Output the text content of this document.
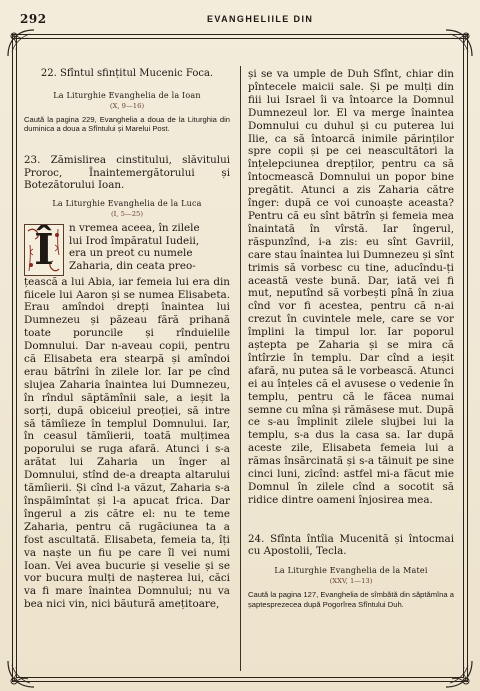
292	EVANGHELIILE DIN
22. Sfîntul sfințitul Mucenic Foca.
La Liturghie Evanghelia de la Ioan
(X, 9—16)
Caută la pagina 229, Evanghelia a doua de la Liturghia din duminica a doua a Sfîntului și Marelui Post.
23. Zămislirea cinstitului, slăvitului Proroc, Înaintemergătorului și Botezătorului Ioan.
La Liturghie Evanghelia de la Luca
(I, 5—25)
Î	n vremea aceea, în zilele
lui Irod împăratul Iudeii,
era un preot cu numele
Zaharia, din ceata preo-
țească a lui Abia, iar femeia lui era din fiicele lui Aaron și se numea Elisabeta. Erau amîndoi drepți înaintea lui Dumnezeu și păzeau fără prihană toate poruncile și rînduielile Domnului. Dar n-aveau copii, pentru că Elisabeta era stearpă și amîndoi erau bătrîni în zilele lor. Iar pe cînd slujea Zaharia înaintea lui Dumnezeu, în rîndul săptămînii sale, a ieșit la sorți, după obiceiul preoției, să intre să tămîieze în templul Domnului. Iar, în ceasul tămîierii, toată mulțimea poporului se ruga afară. Atunci i s-a arătat lui Zaharia un înger al Domnului, stînd de-a dreapta altarului tămîierii. Și cînd l-a văzut, Zaharia s-a înspăimîntat și l-a apucat frica. Dar îngerul a zis către el: nu te teme Zaharia, pentru că rugăciunea ta a fost ascultată. Elisabeta, femeia ta, îți va naște un fiu pe care îl vei numi Ioan. Vei avea bucurie și veselie și se vor bucura mulți de nașterea lui, căci va fi mare înaintea Domnului; nu va bea nici vin, nici băutură amețitoare,
și se va umple de Duh Sfînt, chiar din pîntecele maicii sale. Și pe mulți din fiii lui Israel îi va întoarce la Domnul Dumnezeul lor. El va merge înaintea Domnului cu duhul și cu puterea lui Ilie, ca să întoarcă inimile părinților spre copii și pe cei neascultători la înțelepciunea drepților, pentru ca să întocmească Domnului un popor bine pregătit. Atunci a zis Zaharia către înger: după ce voi cunoaște aceasta? Pentru că eu sînt bătrîn și femeia mea înaintată în vîrstă. Iar îngerul, răspunzînd, i-a zis: eu sînt Gavriil, care stau înaintea lui Dumnezeu și sînt trimis să vorbesc cu tine, aducîndu-ți această veste bună. Dar, iată vei fi mut, neputînd să vorbești pînă în ziua cînd vor fi acestea, pentru că n-ai crezut în cuvintele mele, care se vor împlini la timpul lor. Iar poporul aștepta pe Zaharia și se mira că întîrzie în templu. Dar cînd a ieșit afară, nu putea să le vorbească. Atunci ei au înțeles că el avusese o vedenie în templu, pentru că le făcea numai semne cu mîna și rămăsese mut. După ce s-au împlinit zilele slujbei lui la templu, s-a dus la casa sa. Iar după aceste zile, Elisabeta femeia lui a rămas însărcinată și s-a tăinuit pe sine cinci luni, zicînd: astfel mi-a făcut mie Domnul în zilele cînd a socotit să ridice dintre oameni înjosirea mea.
24. Sfînta întîia Mucenită și întocmai cu Apostolii, Tecla.
La Liturghie Evanghelia de la Matei
(XXV, 1—13)
Caută la pagina 127, Evanghelia de sîmbătă din săptămîna a șaptesprezecea după Pogorîrea Sfîntului Duh.
